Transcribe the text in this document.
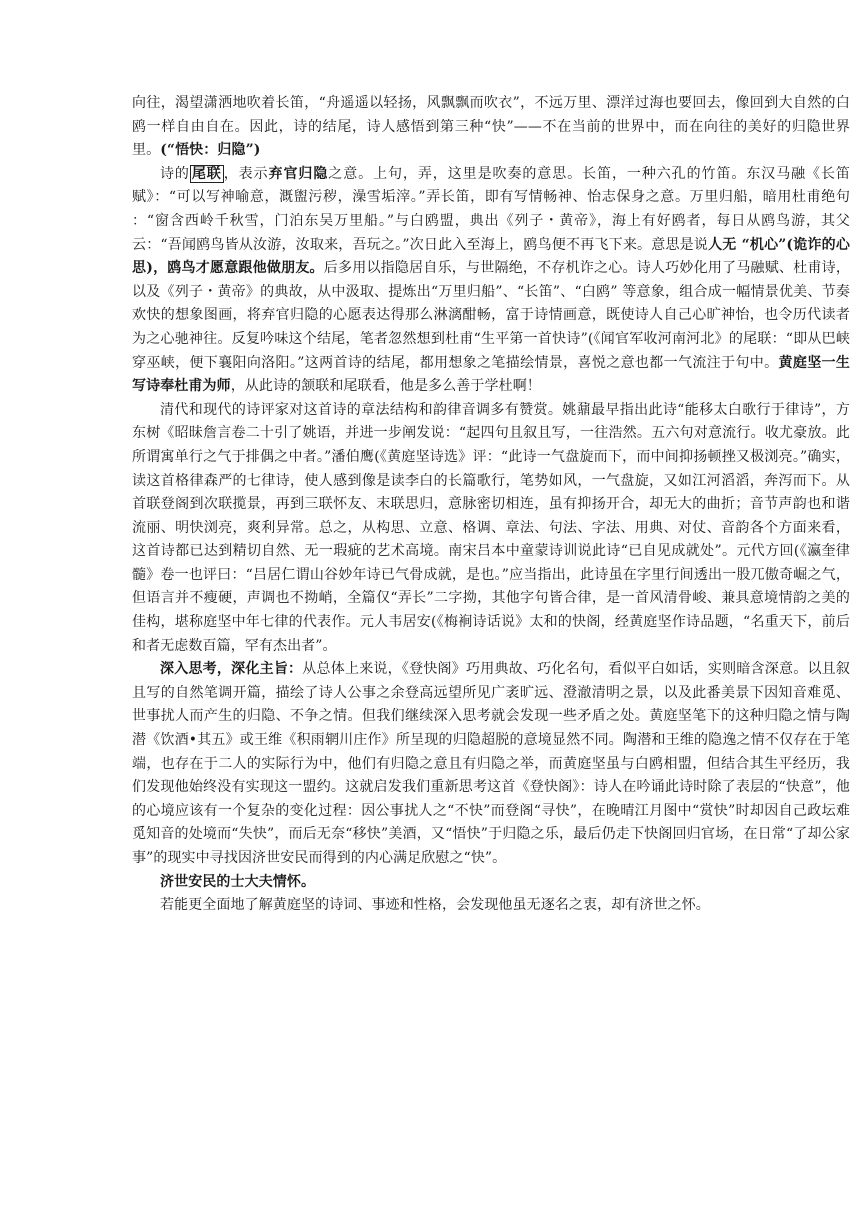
向往，渴望潇洒地吹着长笛，“舟遥遥以轻扬，风飘飘而吹衣”，不远万里、漂洋过海也要回去，像回到大自然的白鸥一样自由自在。因此，诗的结尾，诗人感悟到第三种“快”——不在当前的世界中，而在向往的美好的归隐世界里。(“悟快：归隐”)

诗的 尾联 ，表示弃官归隐之意。上句，弄，这里是吹奏的意思。长笛，一种六孔的竹笛。东汉马融《长笛赋》：“可以写神喻意，溉盥污秽，澡雪垢滓。”弄长笛，即有写情畅神、怡志保身之意。万里归船，暗用杜甫绝句 ：“窗含西岭千秋雪，门泊东吴万里船。”与白鸥盟，典出《列子・黄帝》，海上有好鸥者，每日从鸥鸟游，其父云：“吾闻鸥鸟皆从汝游，汝取来，吾玩之。”次日此入至海上，鸥鸟便不再飞下来。意思是说人无 “机心”(诡诈的心思)，鸥鸟才愿意跟他做朋友。后多用以指隐居自乐，与世隔绝，不存机诈之心。诗人巧妙化用了马融赋、杜甫诗，以及《列子・黄帝》的典故，从中汲取、提炼出“万里归船”、“长笛”、“白鸥” 等意象，组合成一幅情景优美、节奏欢快的想象图画，将弃官归隐的心愿表达得那么淋漓酣畅，富于诗情画意，既使诗人自己心旷神怡，也令历代读者为之心驰神往。反复吟味这个结尾，笔者忽然想到杜甫“生平第一首快诗”(《闻官军收河南河北》的尾联：“即从巴峡穿巫峡，便下襄阳向洛阳。”这两首诗的结尾，都用想象之笔描绘情景，喜悦之意也都一气流注于句中。黄庭坚一生写诗奉杜甫为师，从此诗的颔联和尾联看，他是多么善于学杜啊！

清代和现代的诗评家对这首诗的章法结构和韵律音调多有赞赏。姚鼐最早指出此诗“能移太白歌行于律诗”，方东树《昭昧詹言卷二十引了姚语，并进一步阐发说：“起四句且叙且写，一往浩然。五六句对意流行。收尤豪放。此所谓寓单行之气于排偶之中者。”潘伯鹰(《黄庭坚诗选》评：“此诗一气盘旋而下，而中间抑扬顿挫又极浏亮。”确实，读这首格律森严的七律诗，使人感到像是读李白的长篇歌行，笔势如风，一气盘旋，又如江河滔滔，奔泻而下。从首联登阁到次联揽景，再到三联怀友、末联思归，意脉密切相连，虽有抑扬开合，却无大的曲折；音节声韵也和谐流丽、明快浏亮，爽利异常。总之，从构思、立意、格调、章法、句法、字法、用典、对仗、音韵各个方面来看，这首诗都已达到精切自然、无一瑕疵的艺术高境。南宋吕本中童蒙诗训说此诗“已自见成就处”。元代方回(《瀛奎律髓》卷一也评曰：“吕居仁谓山谷妙年诗已气骨成就，是也。”应当指出，此诗虽在字里行间透出一股兀傲奇崛之气，但语言并不瘦硬，声调也不拗峭，全篇仅“弄长”二字拗，其他字句皆合律，是一首风清骨峻、兼具意境情韵之美的佳构，堪称庭坚中年七律的代表作。元人韦居安(《梅裥诗话说》太和的快阁，经黄庭坚作诗品题，“名重天下，前后和者无虑数百篇，罕有杰出者”。

深入思考，深化主旨：从总体上来说，《登快阁》巧用典故、巧化名句，看似平白如话，实则暗含深意。以且叙且写的自然笔调开篇，描绘了诗人公事之余登高远望所见广袤旷远、澄澈清明之景，以及此番美景下因知音难觅、世事扰人而产生的归隐、不争之情。但我们继续深入思考就会发现一些矛盾之处。黄庭坚笔下的这种归隐之情与陶潜《饮酒•其五》或王维《积雨辋川庄作》所呈现的归隐超脱的意境显然不同。陶潜和王维的隐逸之情不仅存在于笔端，也存在于二人的实际行为中，他们有归隐之意且有归隐之举，而黄庭坚虽与白鸥相盟，但结合其生平经历，我们发现他始终没有实现这一盟约。这就启发我们重新思考这首《登快阁》：诗人在吟诵此诗时除了表层的“快意”，他的心境应该有一个复杂的变化过程：因公事扰人之“不快”而登阁“寻快”，在晚晴江月图中“赏快”时却因自己政坛难觅知音的处境而“失快”，而后无奈“移快”美酒，又“悟快”于归隐之乐，最后仍走下快阁回归官场，在日常“了却公家事”的现实中寻找因济世安民而得到的内心满足欣慰之“快”。

济世安民的士大夫情怀。

若能更全面地了解黄庭坚的诗词、事迹和性格，会发现他虽无逐名之衷，却有济世之怀。
